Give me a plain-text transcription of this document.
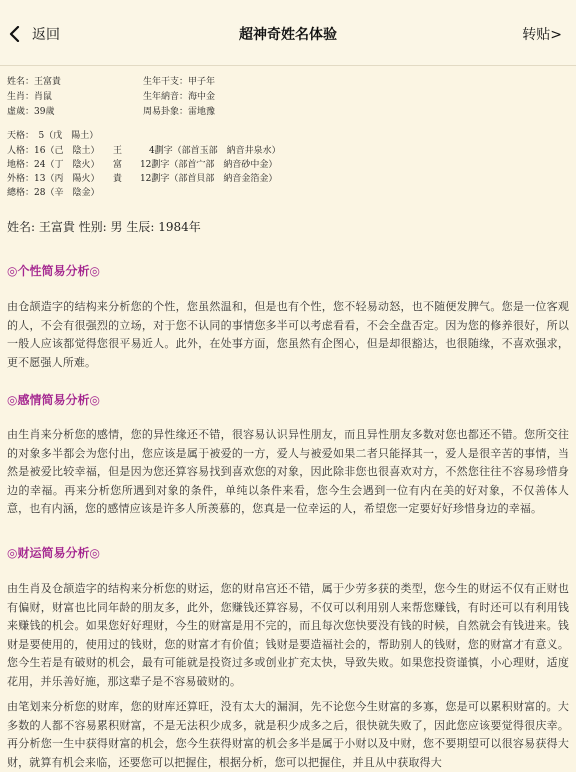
返回	超神奇姓名体验	转贴>
姓名：王富貴
生肖：肖鼠
虛歲：39歲
生年干支：甲子年
生年納音：海中金
周易卦象：雷地豫
天格：　5（戊　陽土）
人格：16（己　陰土）　　王　　　4劃字（部首玉部　納音井泉水）
地格：24（丁　陰火）　　富　　12劃字（部首宀部　納音砂中金）
外格：13（丙　陽火）　　貴　　12劃字（部首貝部　納音金箔金）
總格：28（辛　陰金）
姓名: 王富貴 性别: 男 生辰: 1984年
◎个性简易分析◎
由仓颉造字的结构来分析您的个性，您虽然温和，但是也有个性，您不轻易动怒，也不随便发脾气。您是一位客观的人，不会有很强烈的立场，对于您不认同的事情您多半可以考虑看看，不会全盘否定。因为您的修养很好，所以一般人应该都觉得您很平易近人。此外，在处事方面，您虽然有企图心，但是却很豁达，也很随缘，不喜欢强求，更不愿强人所难。
◎感情简易分析◎
由生肖来分析您的感情，您的异性缘还不错，很容易认识异性朋友，而且异性朋友多数对您也都还不错。您所交往的对象多半都会为您付出，您应该是属于被爱的一方，爱人与被爱如果二者只能择其一，爱人是很辛苦的事情，当然是被爱比较幸福，但是因为您还算容易找到喜欢您的对象，因此除非您也很喜欢对方，不然您往往不容易珍惜身边的幸福。再来分析您所遇到对象的条件，单纯以条件来看，您今生会遇到一位有内在美的好对象，不仅善体人意，也有内涵，您的感情应该是许多人所羡慕的，您真是一位幸运的人，希望您一定要好好珍惜身边的幸福。
◎财运简易分析◎
由生肖及仓颉造字的结构来分析您的财运，您的财帛宫还不错，属于少劳多获的类型，您今生的财运不仅有正财也有偏财，财富也比同年龄的朋友多，此外，您赚钱还算容易，不仅可以利用别人来帮您赚钱，有时还可以有利用钱来赚钱的机会。如果您好好理财，今生的财富是用不完的，而且每次您快要没有钱的时候，自然就会有钱进来。钱财是要使用的，使用过的钱财，您的财富才有价值；钱财是要造福社会的，帮助别人的钱财，您的财富才有意义。您今生若是有破财的机会，最有可能就是投资过多或创业扩充太快，导致失败。如果您投资谨慎，小心理财，适度花用，并乐善好施，那这辈子是不容易破财的。
由笔划来分析您的财库，您的财库还算旺，没有太大的漏洞，先不论您今生财富的多寡，您是可以累积财富的。大多数的人都不容易累积财富，不是无法积少成多，就是积少成多之后，很快就失败了，因此您应该要觉得很庆幸。再分析您一生中获得财富的机会，您今生获得财富的机会多半是属于小财以及中财，您不要期望可以很容易获得大财，就算有机会来临，还要您可以把握住，根据分析，您可以把握住，并且从中获取得大
